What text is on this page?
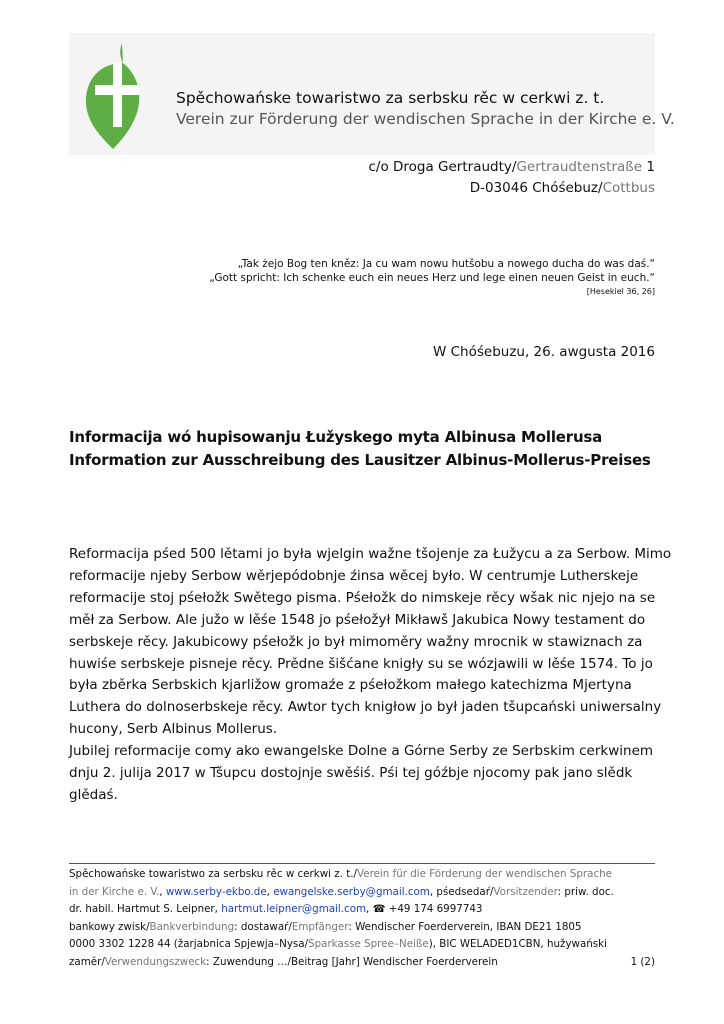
Spěchowańske towaristwo za serbsku rěc w cerkwi z. t.
Verein zur Förderung der wendischen Sprache in der Kirche e. V.
c/o Droga Gertraudty/Gertraudtenstraße 1
D-03046 Chóśebuz/Cottbus
„Tak żejo Bog ten kněz: Ja cu wam nowu hutšobu a nowego ducha do was daś.“
„Gott spricht: Ich schenke euch ein neues Herz und lege einen neuen Geist in euch.“
[Hesekiel 36, 26]
W Chóśebuzu, 26. awgusta 2016
Informacija wó hupisowanju Łužyskego myta Albinusa Mollerusa
Information zur Ausschreibung des Lausitzer Albinus-Mollerus-Preises
Reformacija pśed 500 lětami jo była wjelgin wažne tšojenje za Łužycu a za Serbow. Mimo
reformacije njeby Serbow wěrjepódobnje źinsa wěcej było. W centrumje Lutherskeje
reformacije stoj pśełožk Swětego pisma. Pśełožk do nimskeje rěcy wšak nic njejo na se
měł za Serbow. Ale južo w lěśe 1548 jo pśełožył Mikławš Jakubica Nowy testament do
serbskeje rěcy. Jakubicowy pśełožk jo był mimoměry wažny mrocnik w stawiznach za
huwiśe serbskeje pisneje rěcy. Prědne šišćane knigły su se wózjawili w lěśe 1574. To jo
była zběrka Serbskich kjarližow gromaźe z pśełožkom małego katechizma Mjertyna
Luthera do dolnoserbskeje rěcy. Awtor tych knigłow jo był jaden tšupcański uniwersalny
hucony, Serb Albinus Mollerus.
Jubilej reformacije comy ako ewangelske Dolne a Górne Serby ze Serbskim cerkwinem
dnju 2. julija 2017 w Tšupcu dostojnje swěśiś. Pśi tej góźbje njocomy pak jano slědk
glědaś.
Spěchowańske towaristwo za serbsku rěc w cerkwi z. t./Verein für die Förderung der wendischen Sprache
in der Kirche e. V., www.serby-ekbo.de, ewangelske.serby@gmail.com, pśedsedaŕ/Vorsitzender: priw. doc.
dr. habil. Hartmut S. Leipner, hartmut.leipner@gmail.com, ☎ +49 174 6997743
bankowy zwisk/Bankverbindung: dostawaŕ/Empfänger: Wendischer Foerderverein, IBAN DE21 1805
0000 3302 1228 44 (žarjabnica Spjewja–Nysa/Sparkasse Spree–Neiße), BIC WELADED1CBN, hužywański
zamĕr/Verwendungszweck: Zuwendung …/Beitrag [Jahr] Wendischer Foerderverein	1 (2)
